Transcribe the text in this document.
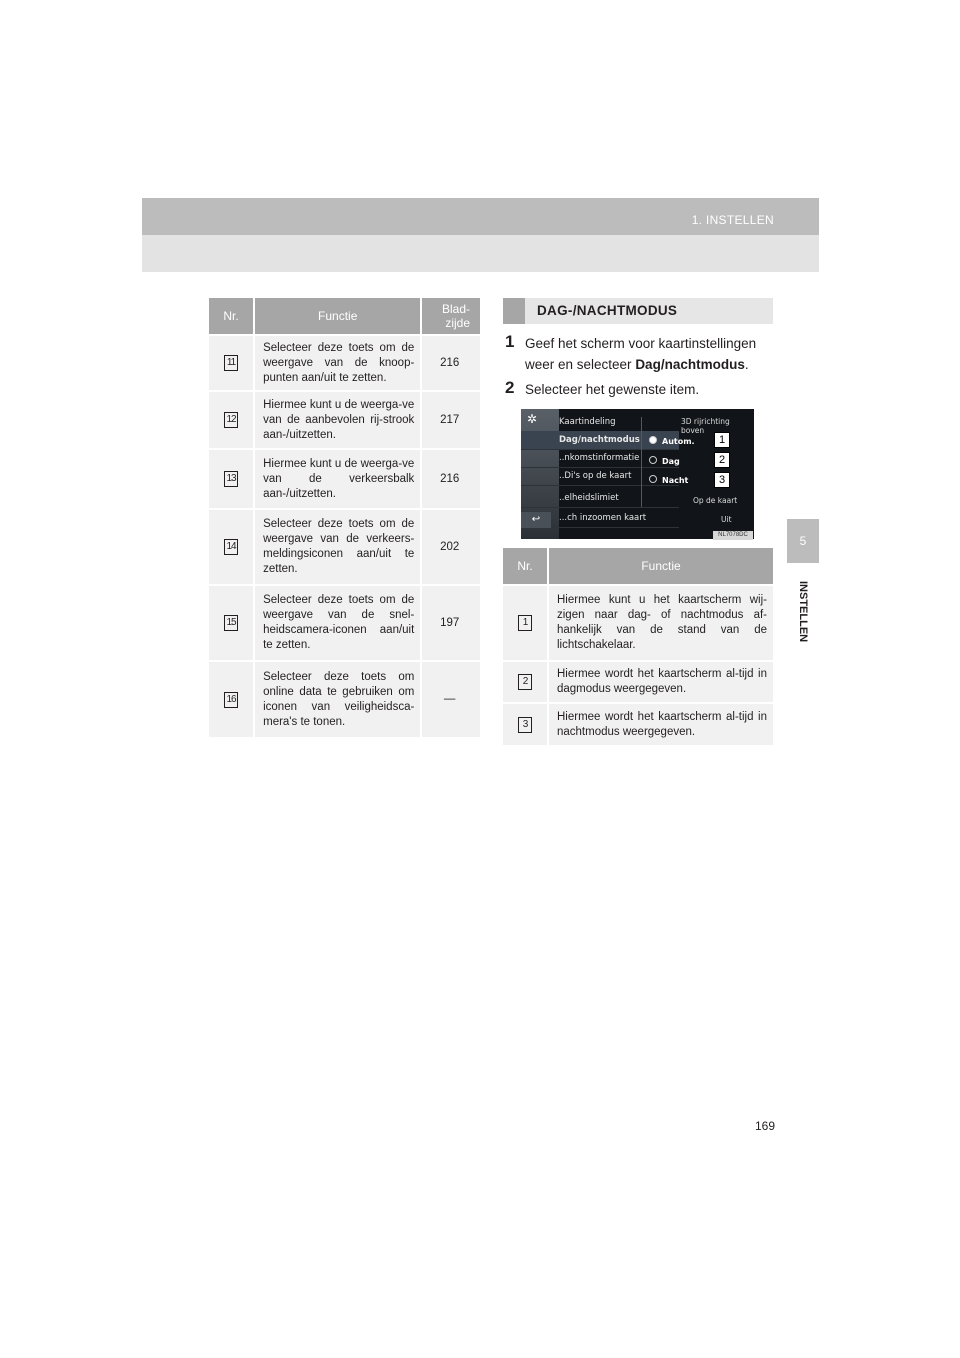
1. INSTELLEN
5
INSTELLEN
Nr.	Functie	Blad-
zijde
11	Selecteer deze toets om de weergave van de knoop-punten aan/uit te zetten.	216
12	Hiermee kunt u de weerga-ve van de aanbevolen rij-strook aan-/uitzetten.	217
13	Hiermee kunt u de weerga-ve van de verkeersbalk aan-/uitzetten.	216
14	Selecteer deze toets om de weergave van de verkeers-meldingsiconen aan/uit te zetten.	202
15	Selecteer deze toets om de weergave van de snel-heidscamera-iconen aan/uit te zetten.	197
16	Selecteer deze toets om online data te gebruiken om iconen van veiligheidsca-mera's te tonen.	—
DAG-/NACHTMODUS
1 Geef het scherm voor kaartinstellingen weer en selecteer Dag/nachtmodus.
2 Selecteer het gewenste item.
✲	Kaartindeling
Dag/nachtmodus
..nkomstinformatie
..Di's op de kaart
..elheidslimiet
...ch inzoomen kaart
3D rijrichting boven
Autom.
Dag
Nacht
Op de kaart
Uit
↩
1
2
3
NL7078DC
Nr.	Functie
1	Hiermee kunt u het kaartscherm wij-zigen naar dag- of nachtmodus af-hankelijk van de stand van de lichtschakelaar.
2	Hiermee wordt het kaartscherm al-tijd in dagmodus weergegeven.
3	Hiermee wordt het kaartscherm al-tijd in nachtmodus weergegeven.
169
